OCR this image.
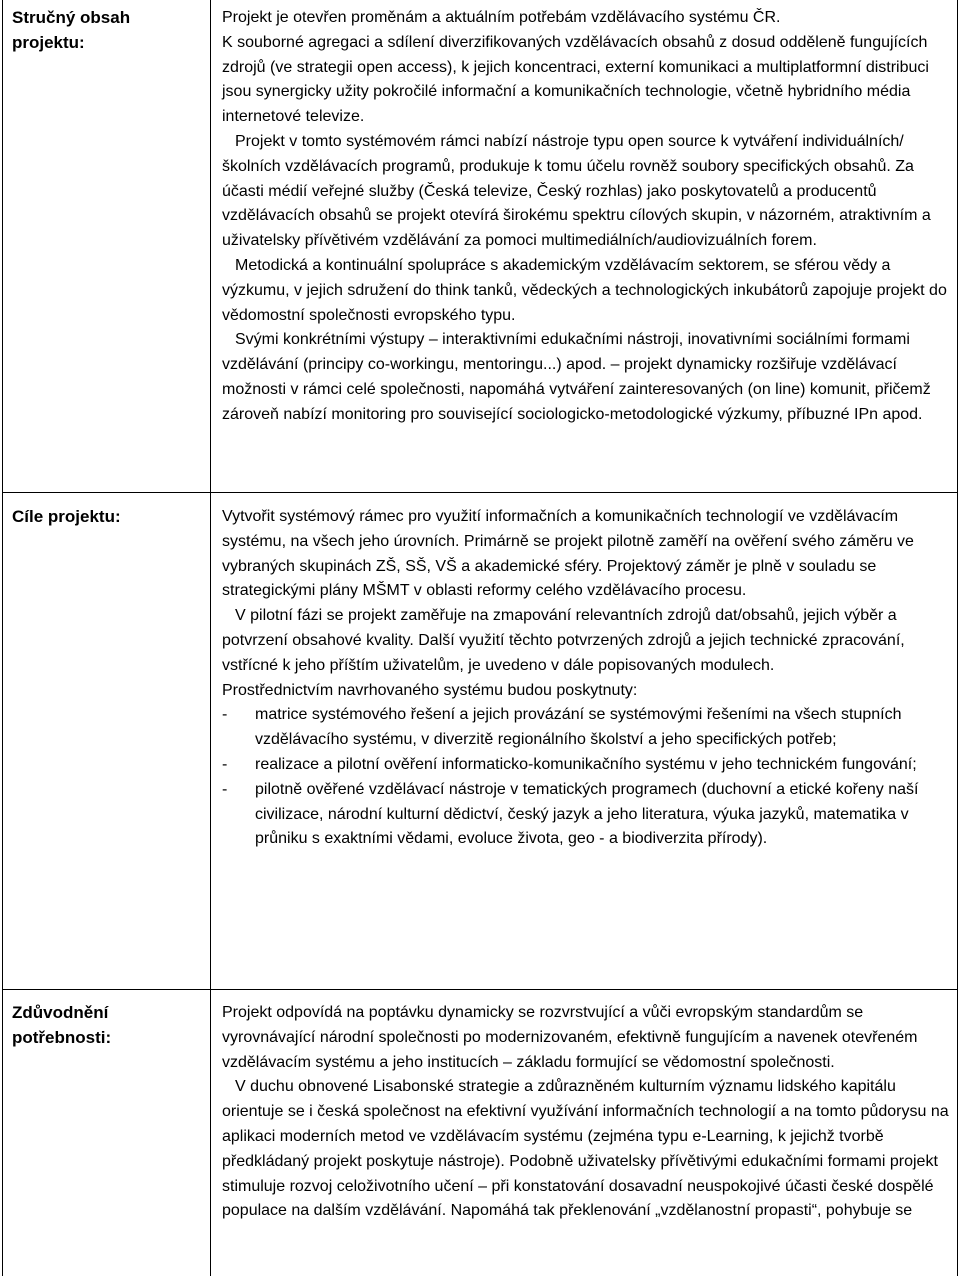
Stručný obsah projektu:

Projekt je otevřen proměnám a aktuálním potřebám vzdělávacího systému ČR.

K souborné agregaci a sdílení diverzifikovaných vzdělávacích obsahů z dosud odděleně fungujících zdrojů (ve strategii open access), k jejich koncentraci, externí komunikaci a multiplatformní distribuci jsou synergicky užity pokročilé informační a komunikačních technologie, včetně hybridního média internetové televize.

Projekt v tomto systémovém rámci nabízí nástroje typu open source k vytváření individuálních/školních vzdělávacích programů, produkuje k tomu účelu rovněž soubory specifických obsahů. Za účasti médií veřejné služby (Česká televize, Český rozhlas) jako poskytovatelů a producentů vzdělávacích obsahů se projekt otevírá širokému spektru cílových skupin, v názorném, atraktivním a uživatelsky přívětivém vzdělávání za pomoci multimediálních/audiovizuálních forem.

Metodická a kontinuální spolupráce s akademickým vzdělávacím sektorem, se sférou vědy a výzkumu, v jejich sdružení do think tanků, vědeckých a technologických inkubátorů zapojuje projekt do vědomostní společnosti evropského typu.

Svými konkrétními výstupy – interaktivními edukačními nástroji, inovativními sociálními formami vzdělávání (principy co-workingu, mentoringu...) apod. – projekt dynamicky rozšiřuje vzdělávací možnosti v rámci celé společnosti, napomáhá vytváření zainteresovaných (on line) komunit, přičemž zároveň nabízí monitoring pro související sociologicko-metodologické výzkumy, příbuzné IPn apod.

Cíle projektu:	Vytvořit systémový rámec pro využití informačních a komunikačních technologií ve vzdělávacím systému, na všech jeho úrovních. Primárně se projekt pilotně zaměří na ověření svého záměru ve vybraných skupinách ZŠ, SŠ, VŠ a akademické sféry. Projektový záměr je plně v souladu se strategickými plány MŠMT v oblasti reformy celého vzdělávacího procesu.

V pilotní fázi se projekt zaměřuje na zmapování relevantních zdrojů dat/obsahů, jejich výběr a potvrzení obsahové kvality. Další využití těchto potvrzených zdrojů a jejich technické zpracování, vstřícné k jeho příštím uživatelům, je uvedeno v dále popisovaných modulech.

Prostřednictvím navrhovaného systému budou poskytnuty:

- matrice systémového řešení a jejich provázání se systémovými řešeními na všech stupních vzdělávacího systému, v diverzitě regionálního školství a jeho specifických potřeb;
- realizace a pilotní ověření informaticko-komunikačního systému v jeho technickém fungování;
- pilotně ověřené vzdělávací nástroje v tematických programech (duchovní a etické kořeny naší civilizace, národní kulturní dědictví, český jazyk a jeho literatura, výuka jazyků, matematika v průniku s exaktními vědami, evoluce života, geo - a biodiverzita přírody).
Zdůvodnění potřebnosti:

Projekt odpovídá na poptávku dynamicky se rozvrstvující a vůči evropským standardům se vyrovnávající národní společnosti po modernizovaném, efektivně fungujícím a navenek otevřeném vzdělávacím systému a jeho institucích – základu formující se vědomostní společnosti.

V duchu obnovené Lisabonské strategie a zdůrazněném kulturním významu lidského kapitálu orientuje se i česká společnost na efektivní využívání informačních technologií a na tomto půdorysu na aplikaci moderních metod ve vzdělávacím systému (zejména typu e-Learning, k jejichž tvorbě předkládaný projekt poskytuje nástroje). Podobně uživatelsky přívětivými edukačními formami projekt stimuluje rozvoj celoživotního učení – při konstatování dosavadní neuspokojivé účasti české dospělé populace na dalším vzdělávání. Napomáhá tak překlenování „vzdělanostní propasti“, pohybuje se
